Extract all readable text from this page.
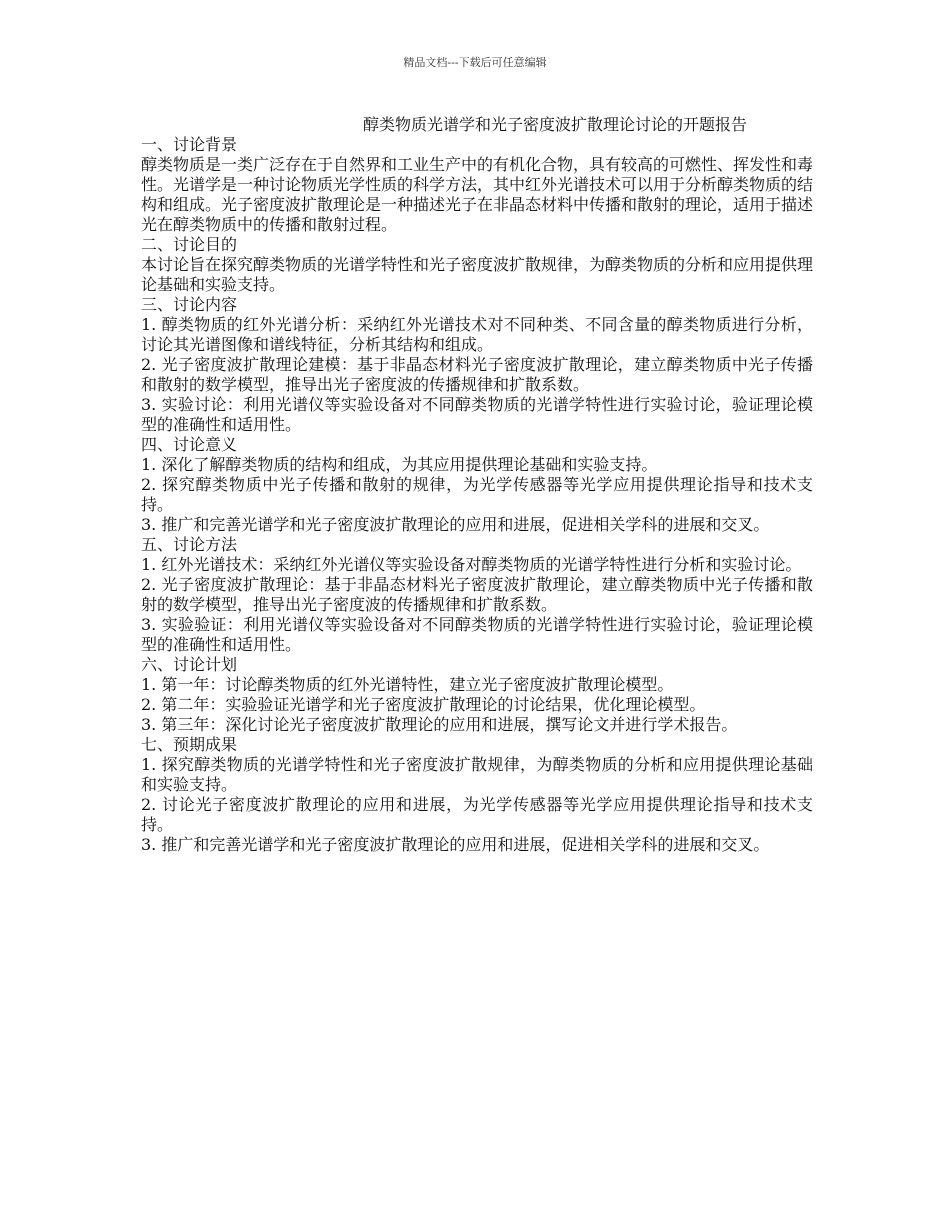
精品文档---下载后可任意编辑
醇类物质光谱学和光子密度波扩散理论讨论的开题报告

一、讨论背景

醇类物质是一类广泛存在于自然界和工业生产中的有机化合物，具有较高的可燃性、挥发性和毒性。光谱学是一种讨论物质光学性质的科学方法，其中红外光谱技术可以用于分析醇类物质的结构和组成。光子密度波扩散理论是一种描述光子在非晶态材料中传播和散射的理论，适用于描述光在醇类物质中的传播和散射过程。

二、讨论目的

本讨论旨在探究醇类物质的光谱学特性和光子密度波扩散规律，为醇类物质的分析和应用提供理论基础和实验支持。

三、讨论内容

1. 醇类物质的红外光谱分析：采纳红外光谱技术对不同种类、不同含量的醇类物质进行分析，讨论其光谱图像和谱线特征，分析其结构和组成。

2. 光子密度波扩散理论建模：基于非晶态材料光子密度波扩散理论，建立醇类物质中光子传播和散射的数学模型，推导出光子密度波的传播规律和扩散系数。

3. 实验讨论：利用光谱仪等实验设备对不同醇类物质的光谱学特性进行实验讨论，验证理论模型的准确性和适用性。

四、讨论意义

1. 深化了解醇类物质的结构和组成，为其应用提供理论基础和实验支持。

2. 探究醇类物质中光子传播和散射的规律，为光学传感器等光学应用提供理论指导和技术支持。

3. 推广和完善光谱学和光子密度波扩散理论的应用和进展，促进相关学科的进展和交叉。

五、讨论方法

1. 红外光谱技术：采纳红外光谱仪等实验设备对醇类物质的光谱学特性进行分析和实验讨论。

2. 光子密度波扩散理论：基于非晶态材料光子密度波扩散理论，建立醇类物质中光子传播和散射的数学模型，推导出光子密度波的传播规律和扩散系数。

3. 实验验证：利用光谱仪等实验设备对不同醇类物质的光谱学特性进行实验讨论，验证理论模型的准确性和适用性。

六、讨论计划

1. 第一年：讨论醇类物质的红外光谱特性，建立光子密度波扩散理论模型。

2. 第二年：实验验证光谱学和光子密度波扩散理论的讨论结果，优化理论模型。

3. 第三年：深化讨论光子密度波扩散理论的应用和进展，撰写论文并进行学术报告。

七、预期成果

1. 探究醇类物质的光谱学特性和光子密度波扩散规律，为醇类物质的分析和应用提供理论基础和实验支持。

2. 讨论光子密度波扩散理论的应用和进展，为光学传感器等光学应用提供理论指导和技术支持。

3. 推广和完善光谱学和光子密度波扩散理论的应用和进展，促进相关学科的进展和交叉。
